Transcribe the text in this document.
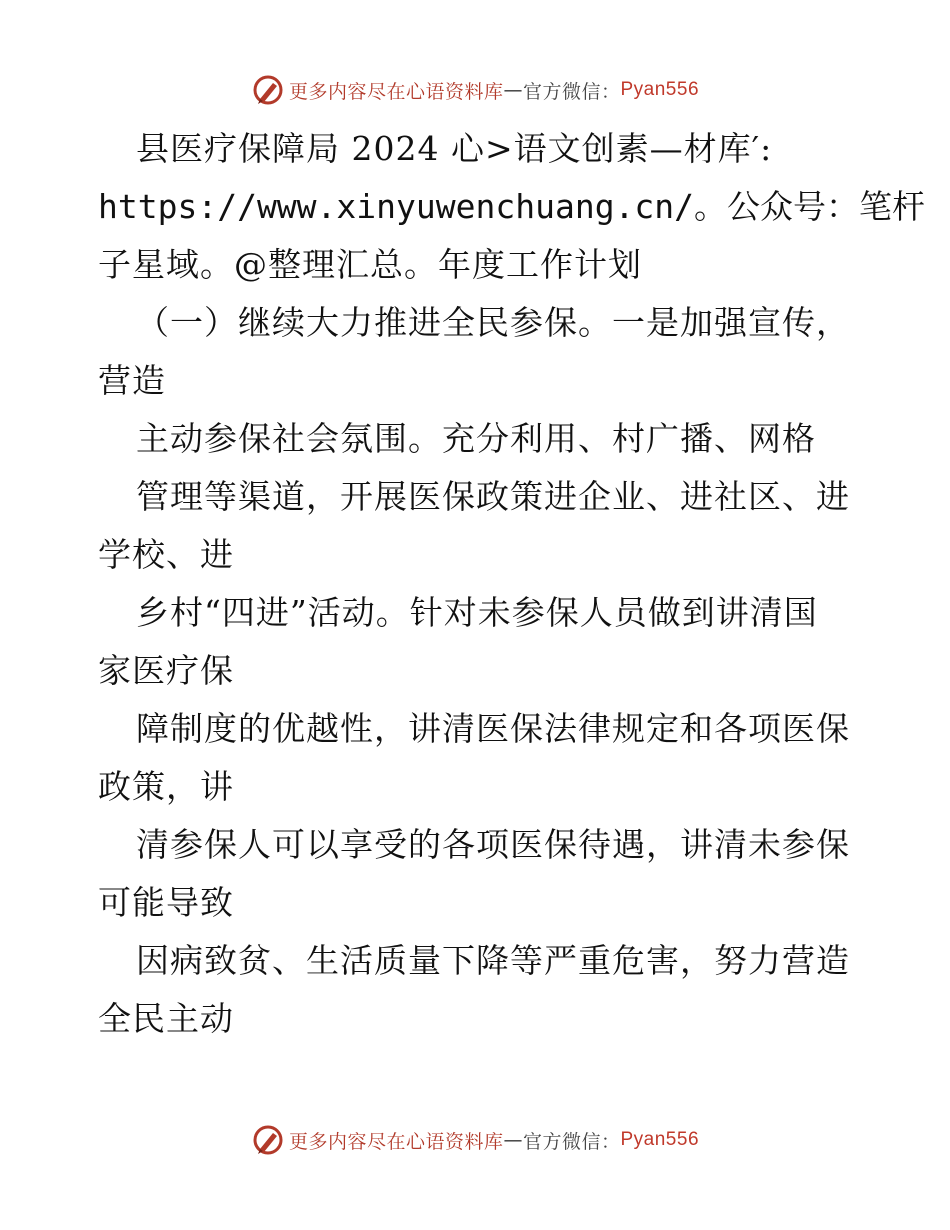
更多内容尽在心语资料库 — 官方微信： Pyan556
县医疗保障局 2024 心>语文创素—材库′:
https://www.xinyuwenchuang.cn/。公众号：笔杆
子星域。@整理汇总。年度工作计划
（一）继续大力推进全民参保。一是加强宣传，
营造
主动参保社会氛围。充分利用、村广播、网格
管理等渠道，开展医保政策进企业、进社区、进
学校、进
乡村“四进”活动。针对未参保人员做到讲清国
家医疗保
障制度的优越性，讲清医保法律规定和各项医保
政策，讲
清参保人可以享受的各项医保待遇，讲清未参保
可能导致
因病致贫、生活质量下降等严重危害，努力营造
全民主动
更多内容尽在心语资料库 — 官方微信： Pyan556
